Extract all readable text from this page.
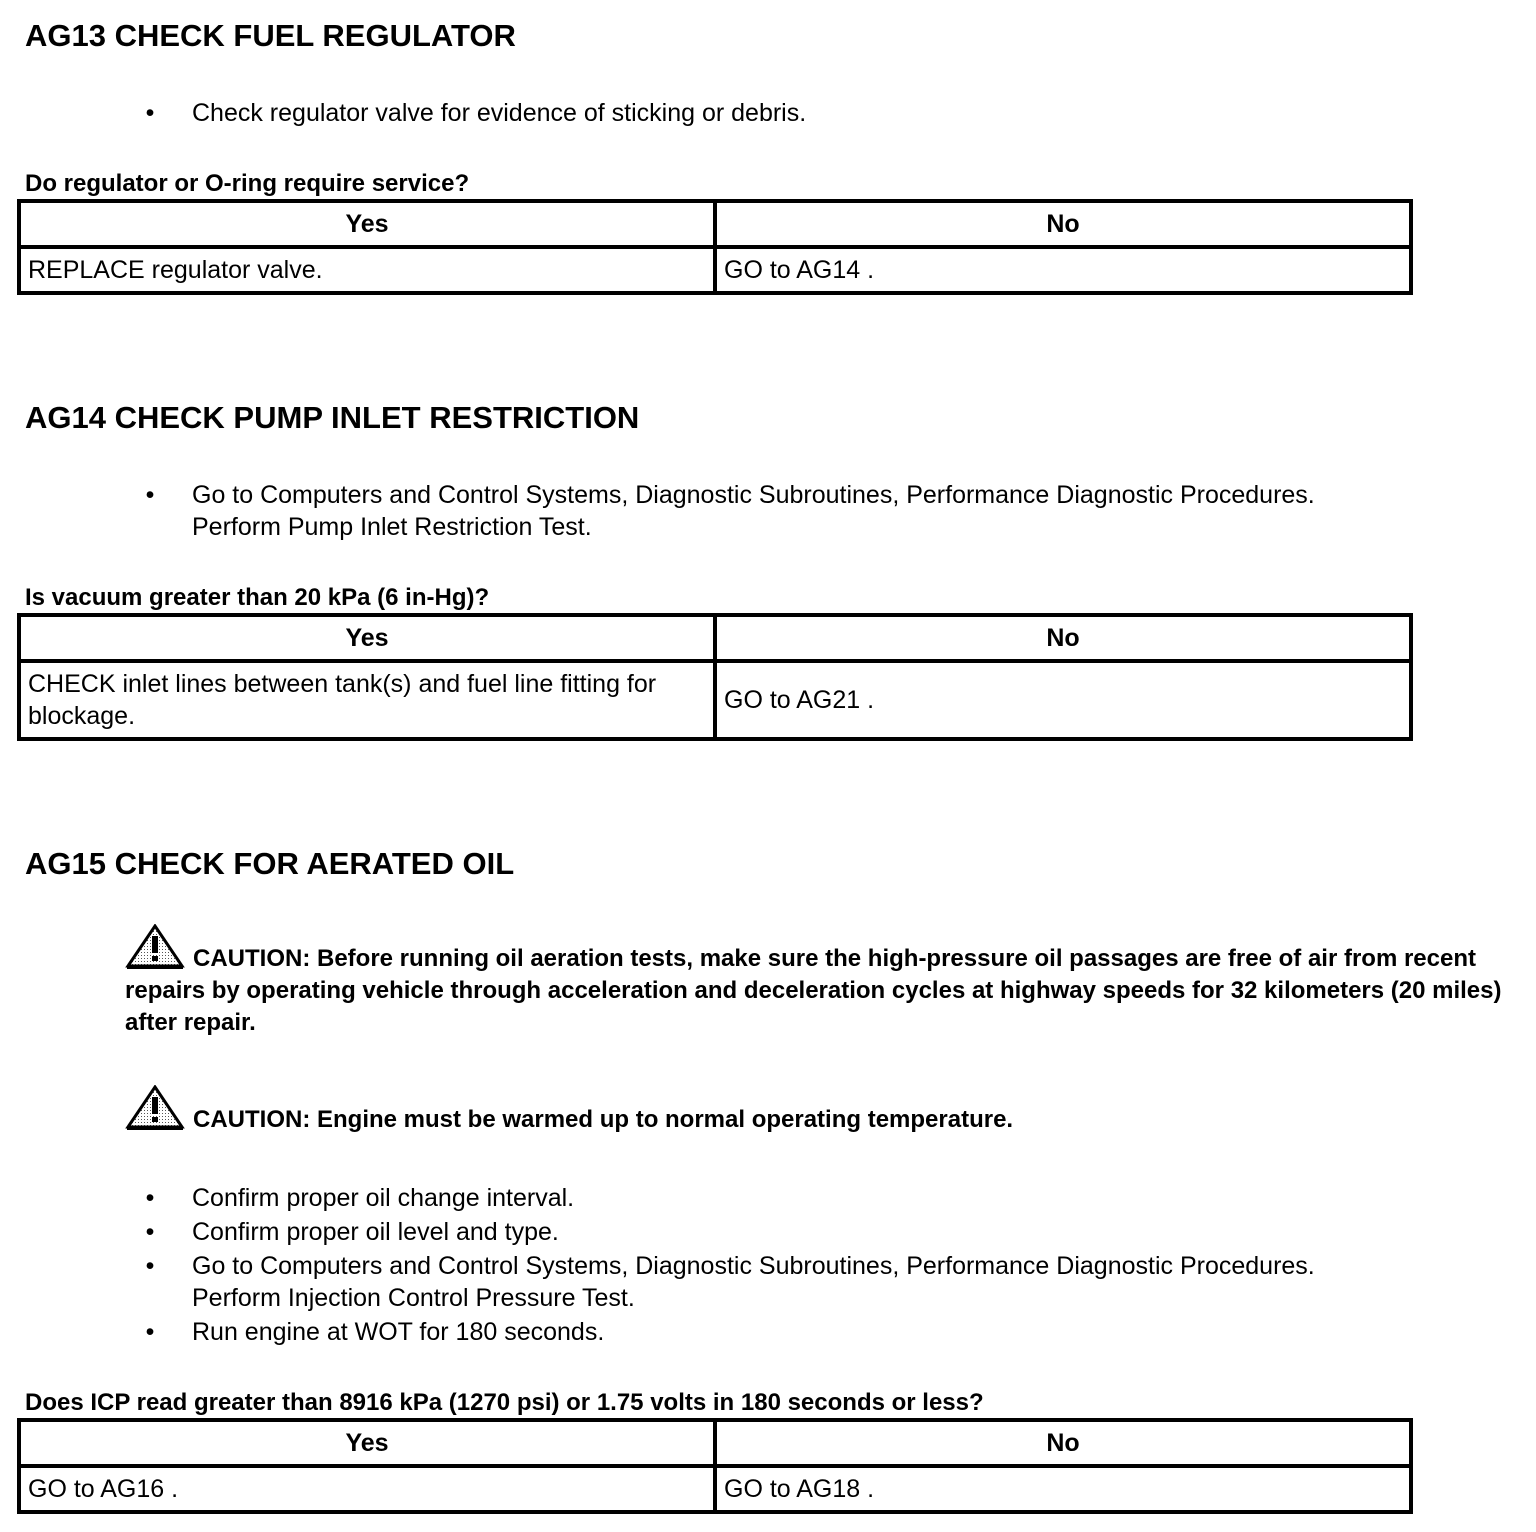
AG13 CHECK FUEL REGULATOR
• Check regulator valve for evidence of sticking or debris.
Do regulator or O-ring require service?
Yes	No
REPLACE regulator valve.	GO to AG14 .
AG14 CHECK PUMP INLET RESTRICTION
• Go to Computers and Control Systems, Diagnostic Subroutines, Performance Diagnostic Procedures.
Perform Pump Inlet Restriction Test.
Is vacuum greater than 20 kPa (6 in-Hg)?
Yes	No
CHECK inlet lines between tank(s) and fuel line fitting for blockage.	GO to AG21 .
AG15 CHECK FOR AERATED OIL
CAUTION: Before running oil aeration tests, make sure the high-pressure oil passages are free of air from recent repairs by operating vehicle through acceleration and deceleration cycles at highway speeds for 32 kilometers (20 miles) after repair.
CAUTION: Engine must be warmed up to normal operating temperature.
• Confirm proper oil change interval.
• Confirm proper oil level and type.
• Go to Computers and Control Systems, Diagnostic Subroutines, Performance Diagnostic Procedures.
Perform Injection Control Pressure Test.
• Run engine at WOT for 180 seconds.
Does ICP read greater than 8916 kPa (1270 psi) or 1.75 volts in 180 seconds or less?
Yes	No
GO to AG16 .	GO to AG18 .
